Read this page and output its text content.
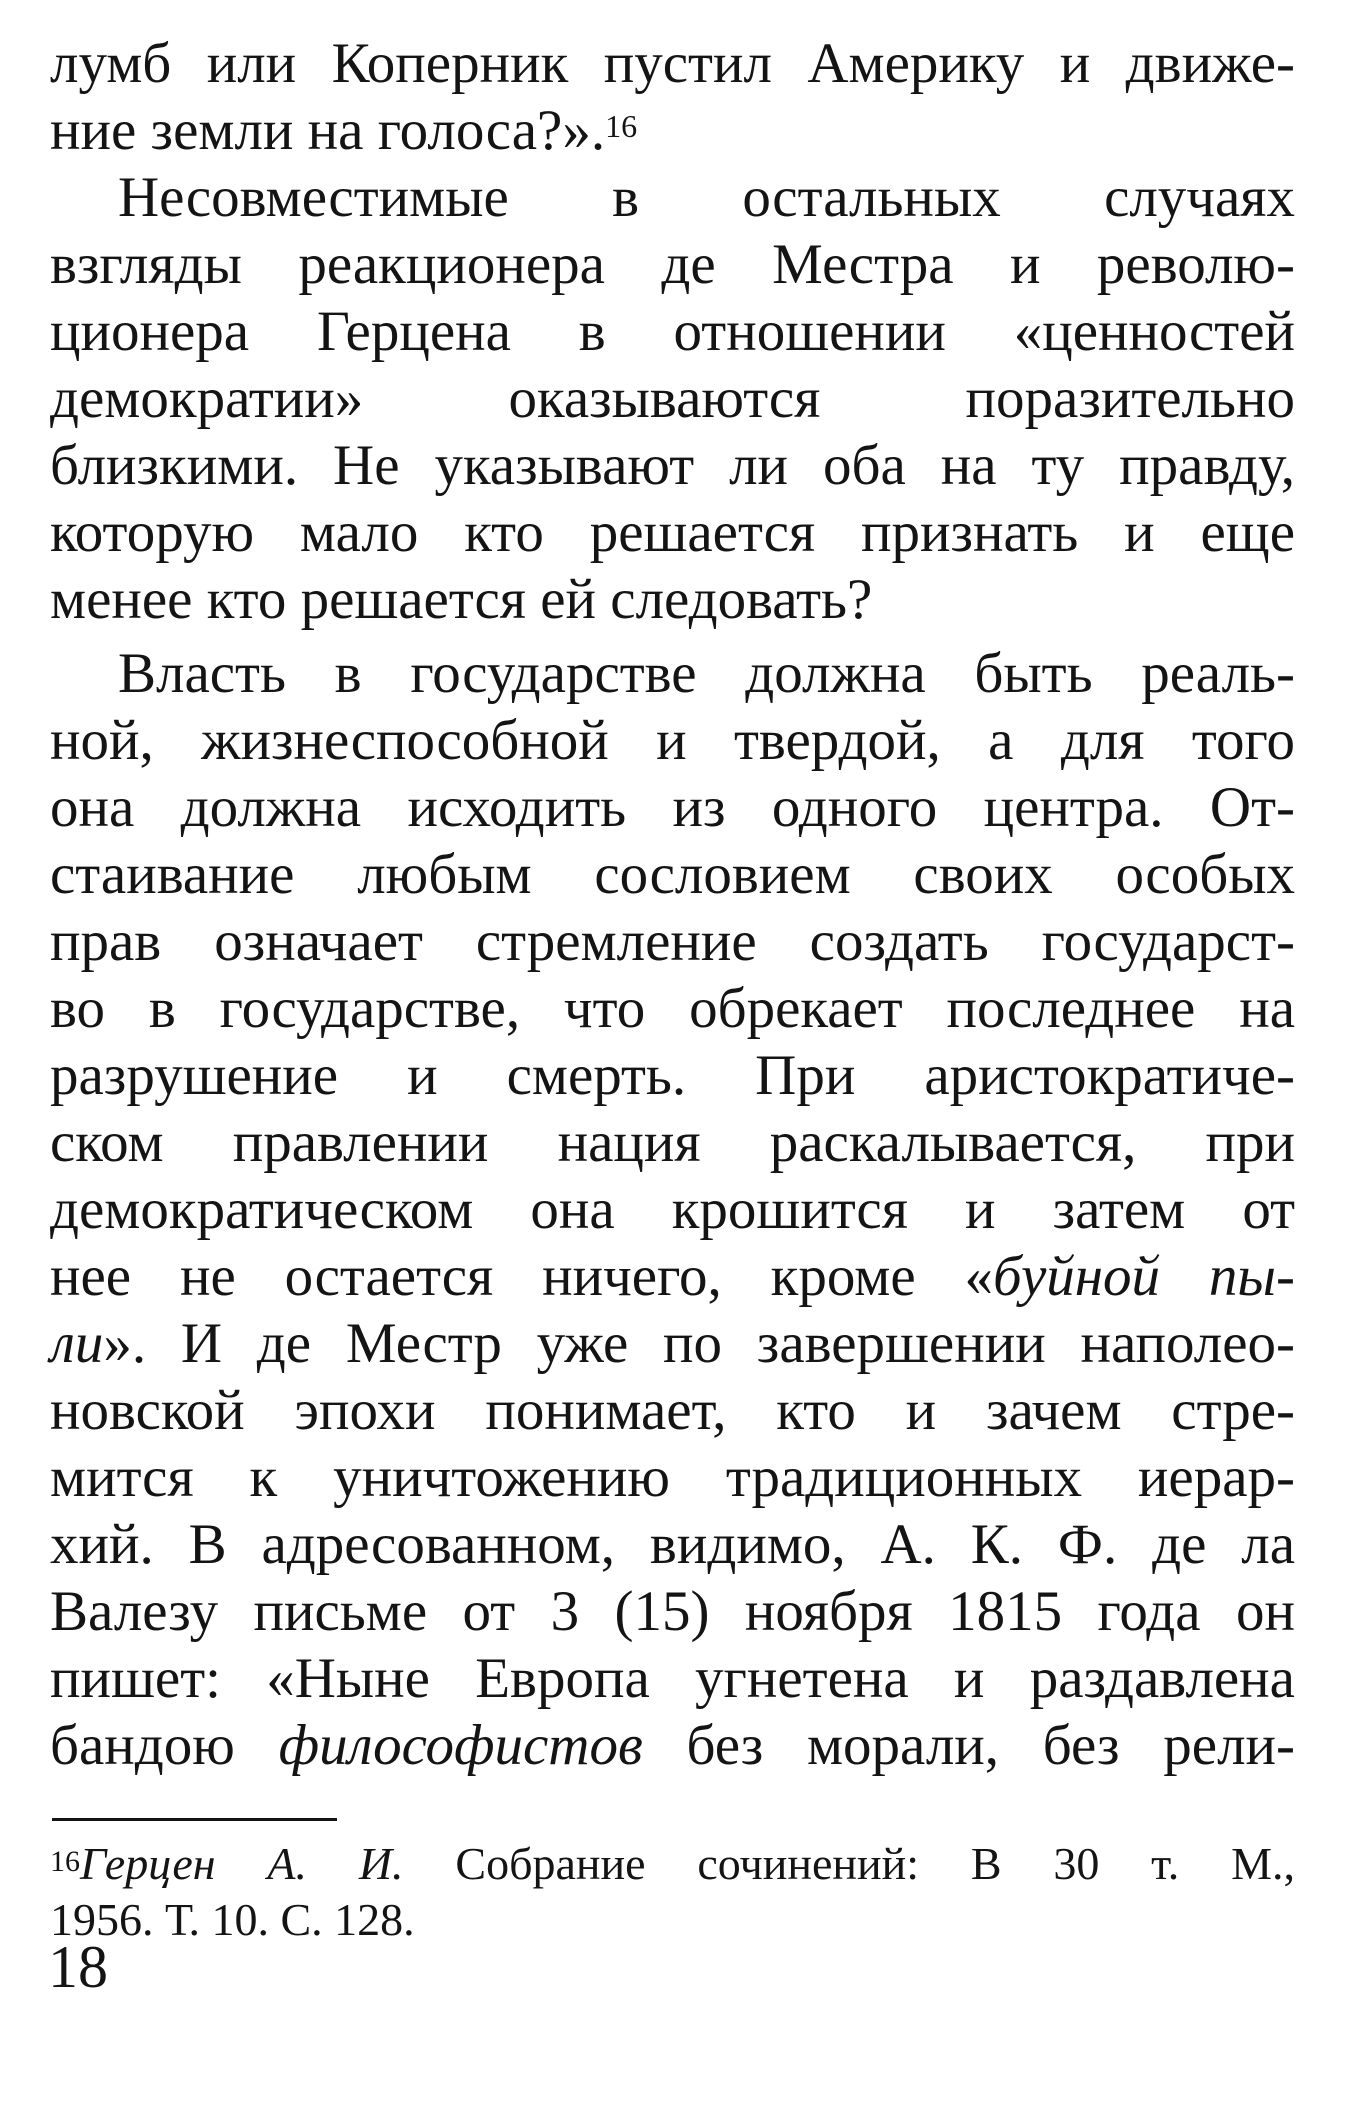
лумб или Коперник пустил Америку и движе-
ние земли на голоса?».$^{16}$
Несовместимые в остальных случаях
взгляды реакционера де Местра и револю-
ционера Герцена в отношении «ценностей
демократии» оказываются поразительно
близкими. Не указывают ли оба на ту правду,
которую мало кто решается признать и еще
менее кто решается ей следовать?
Власть в государстве должна быть реаль-
ной, жизнеспособной и твердой, а для того
она должна исходить из одного центра. От-
стаивание любым сословием своих особых
прав означает стремление создать государст-
во в государстве, что обрекает последнее на
разрушение и смерть. При аристократиче-
ском правлении нация раскалывается, при
демократическом она крошится и затем от
нее не остается ничего, кроме «буйной пы-
ли». И де Местр уже по завершении наполео-
новской эпохи понимает, кто и зачем стре-
мится к уничтожению традиционных иерар-
хий. В адресованном, видимо, А. К. Ф. де ла
Валезу письме от 3 (15) ноября 1815 года он
пишет: «Ныне Европа угнетена и раздавлена
бандою философистов без морали, без рели-
$^{16}$Герцен А. И. Собрание сочинений: В 30 т. М.,
1956. Т. 10. С. 128.
18
